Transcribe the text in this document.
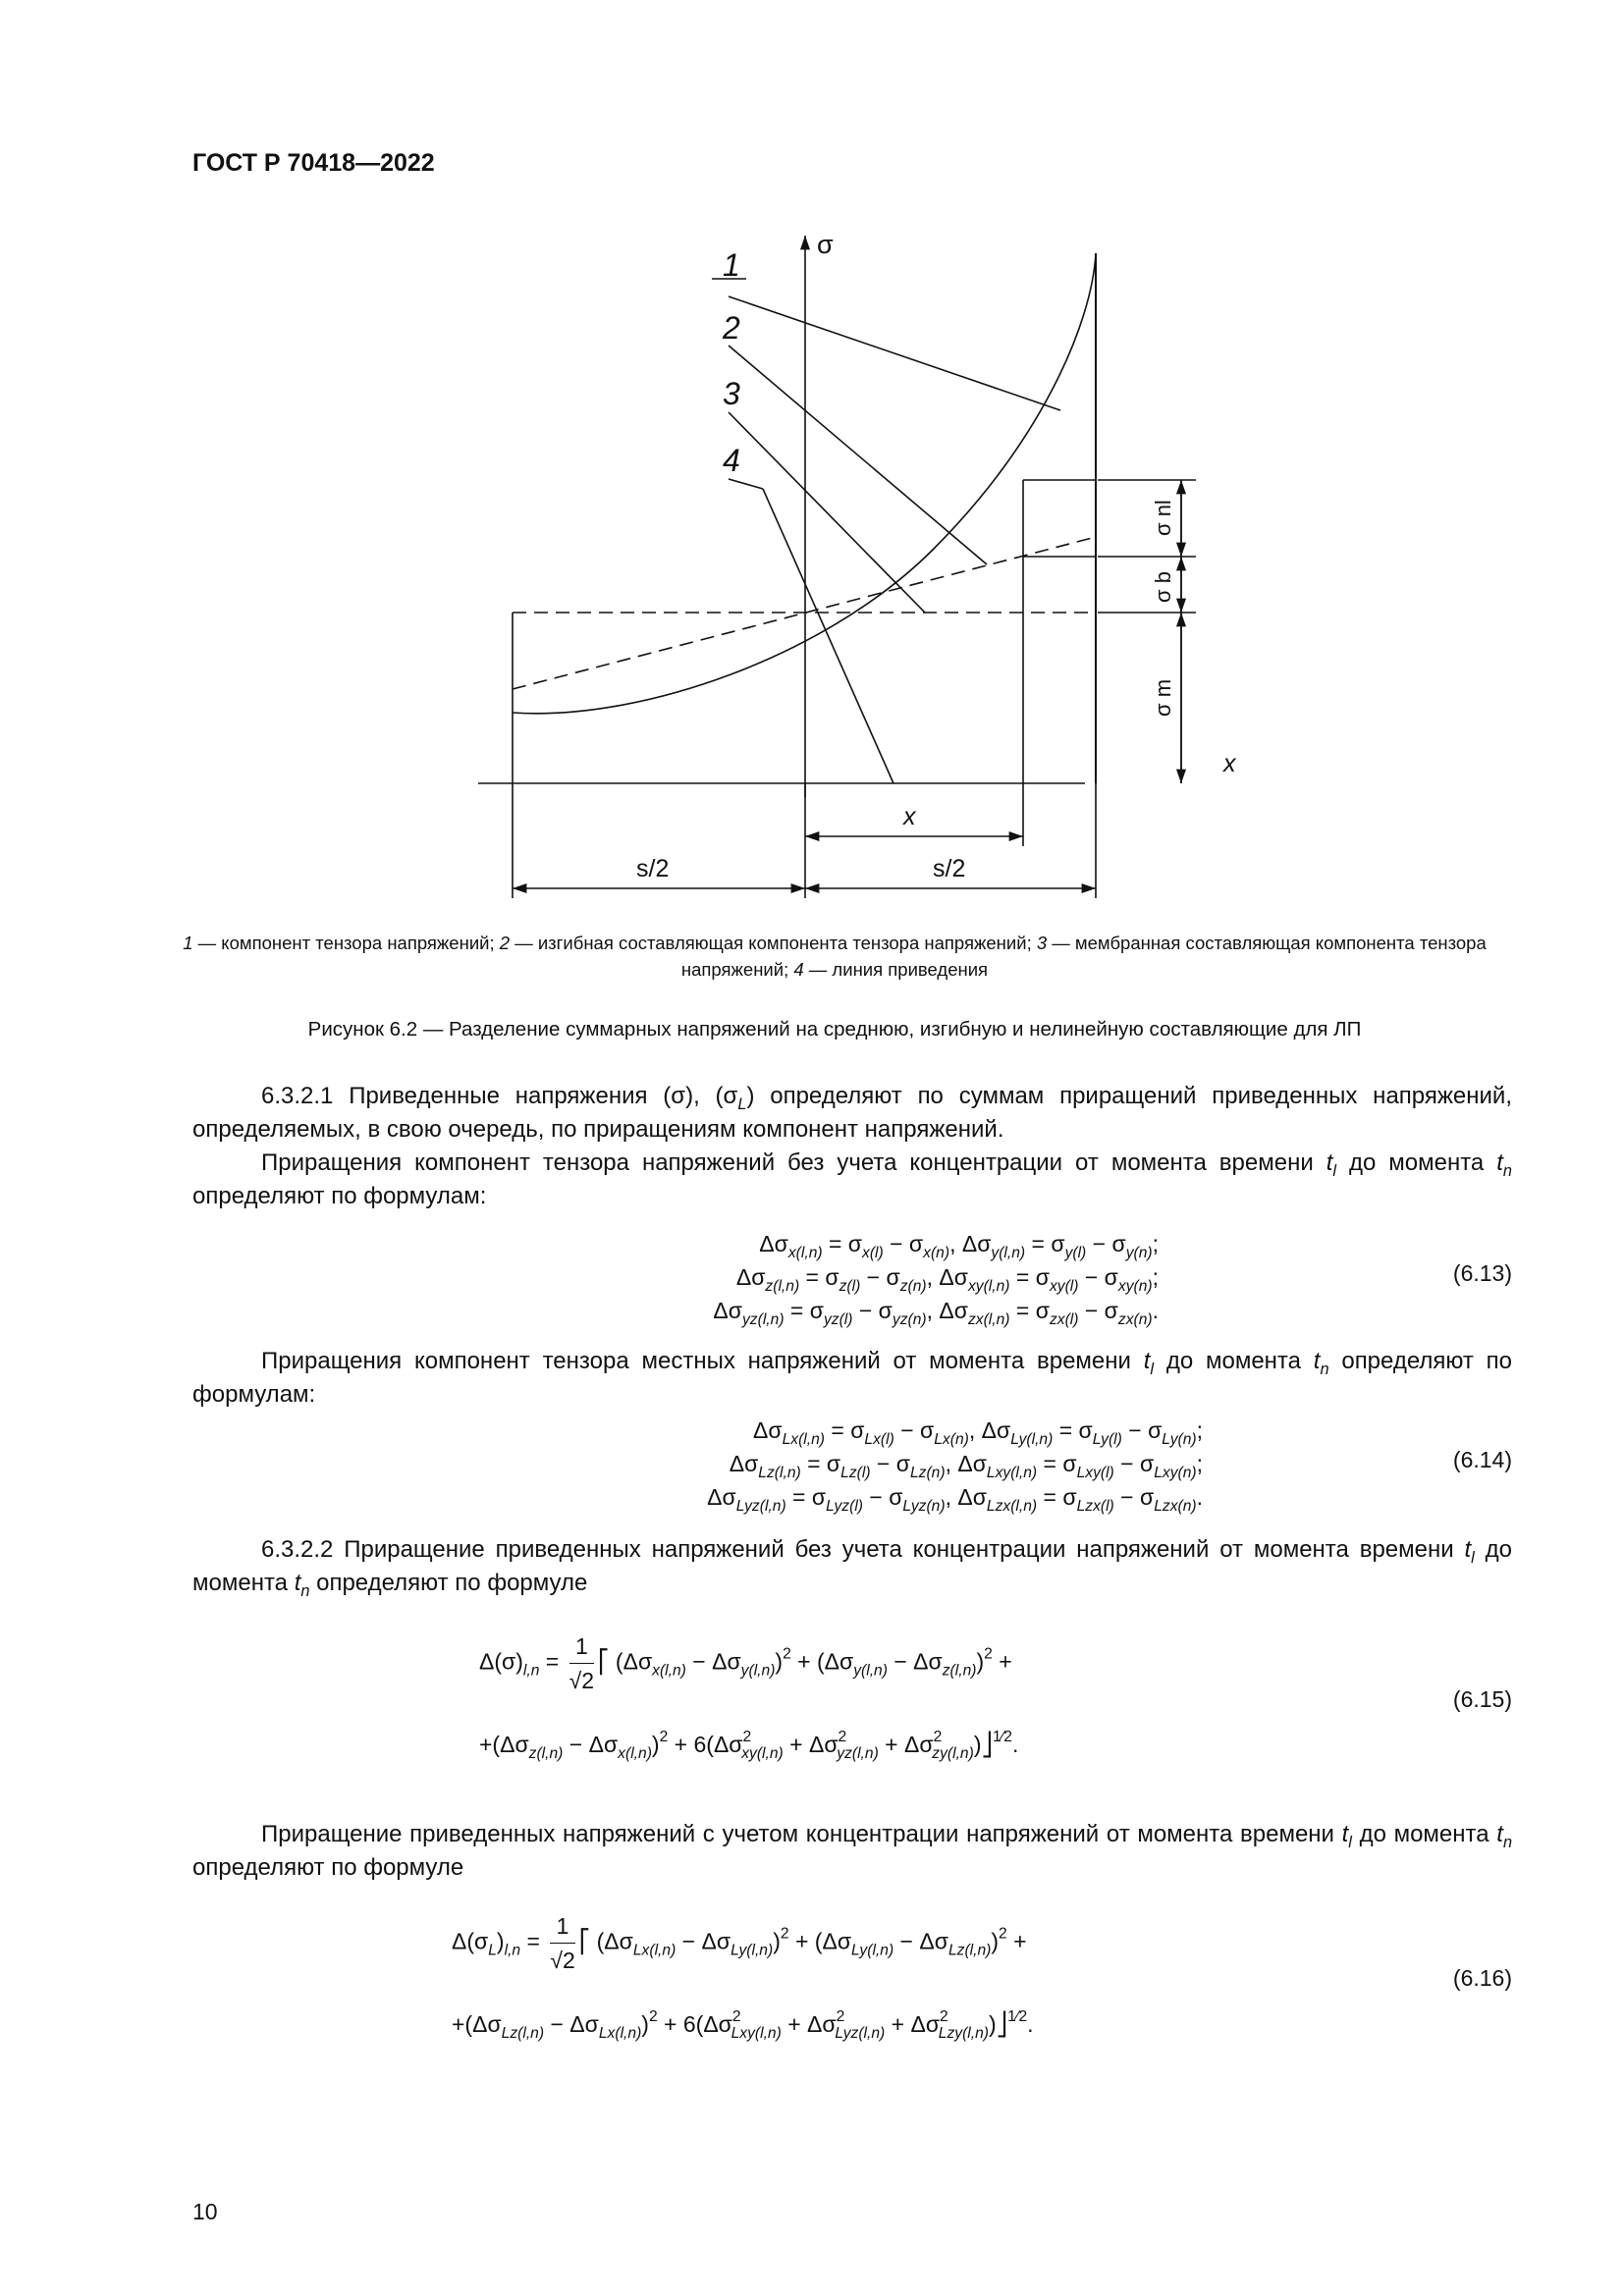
ГОСТ Р 70418—2022
σ
x
x
s/2	s/2
1
2
3
4
σ nl
σ b
σ m
1 — компонент тензора напряжений; 2 — изгибная составляющая компонента тензора напряжений; 3 — мембранная составляющая компонента тензора напряжений; 4 — линия приведения
Рисунок 6.2 — Разделение суммарных напряжений на среднюю, изгибную и нелинейную составляющие для ЛП
6.3.2.1 Приведенные напряжения (σ), $(\sigma_L)$ определяют по суммам приращений приведенных напряжений, определяемых, в свою очередь, по приращениям компонент напряжений.
Приращения компонент тензора напряжений без учета концентрации от момента времени $t_l$ до момента $t_n$ определяют по формулам:
$\Delta\sigma_{x(l,n)} = \sigma_{x(l)} - \sigma_{x(n)}$, $\Delta\sigma_{y(l,n)} = \sigma_{y(l)} - \sigma_{y(n)}$;
$\Delta\sigma_{z(l,n)} = \sigma_{z(l)} - \sigma_{z(n)}$, $\Delta\sigma_{xy(l,n)} = \sigma_{xy(l)} - \sigma_{xy(n)}$;
$\Delta\sigma_{yz(l,n)} = \sigma_{yz(l)} - \sigma_{yz(n)}$, $\Delta\sigma_{zx(l,n)} = \sigma_{zx(l)} - \sigma_{zx(n)}$.
(6.13)
Приращения компонент тензора местных напряжений от момента времени $t_l$ до момента $t_n$ определяют по формулам:
$\Delta\sigma_{Lx(l,n)} = \sigma_{Lx(l)} - \sigma_{Lx(n)}$, $\Delta\sigma_{Ly(l,n)} = \sigma_{Ly(l)} - \sigma_{Ly(n)}$;
$\Delta\sigma_{Lz(l,n)} = \sigma_{Lz(l)} - \sigma_{Lz(n)}$, $\Delta\sigma_{Lxy(l,n)} = \sigma_{Lxy(l)} - \sigma_{Lxy(n)}$;
$\Delta\sigma_{Lyz(l,n)} = \sigma_{Lyz(l)} - \sigma_{Lyz(n)}$, $\Delta\sigma_{Lzx(l,n)} = \sigma_{Lzx(l)} - \sigma_{Lzx(n)}$.
(6.14)
6.3.2.2 Приращение приведенных напряжений без учета концентрации напряжений от момента времени $t_l$ до момента $t_n$ определяют по формуле
$\Delta(\sigma)_{l,n} = \frac{1}{√2}$ ⎡ $(\Delta\sigma_{x(l,n)} - \Delta\sigma_{y(l,n)})^2 + (\Delta\sigma_{y(l,n)} - \Delta\sigma_{z(l,n)})^2$ +
$+(\Delta\sigma_{z(l,n)} - \Delta\sigma_{x(l,n)})^2 + 6(\Delta\sigma^2_{xy(l,n)} + \Delta\sigma^2_{yz(l,n)}$ + $\Delta\sigma^2_{zy(l,n)})⎦^{1⁄2}$.
(6.15)
Приращение приведенных напряжений с учетом концентрации напряжений от момента времени $t_l$ до момента $t_n$ определяют по формуле
$\Delta(\sigma_L)_{l,n} = \frac{1}{√2}$ ⎡ $(\Delta\sigma_{Lx(l,n)} - \Delta\sigma_{Ly(l,n)})^2 + (\Delta\sigma_{Ly(l,n)} - \Delta\sigma_{Lz(l,n)})^2$ +
$+(\Delta\sigma_{Lz(l,n)} - \Delta\sigma_{Lx(l,n)})^2 + 6(\Delta\sigma^2_{Lxy(l,n)} + \Delta\sigma^2_{Lyz(l,n)}$ + $\Delta\sigma^2_{Lzy(l,n)})⎦^{1⁄2}$.
(6.16)
10
